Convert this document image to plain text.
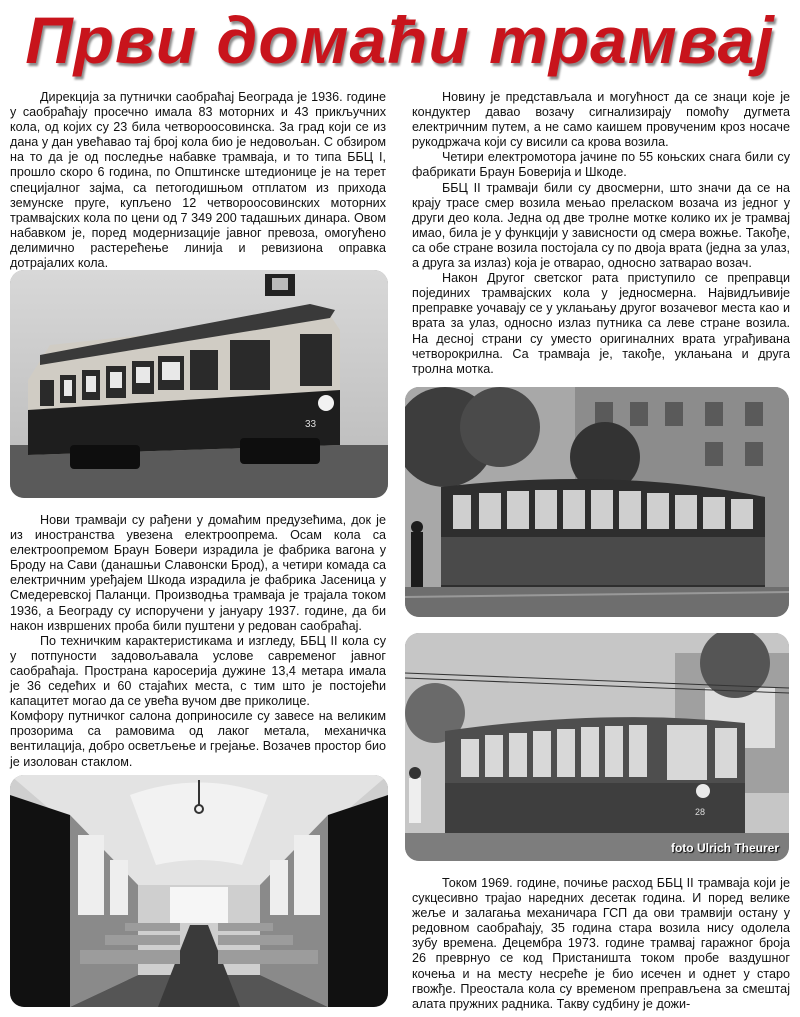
Први домаћи трамвај

Дирекција за путнички саобраћај Београда је 1936. године у саобраћају просечно имала 83 моторних и 43 прикључних кола, од којих су 23 била четвороосовинска. За град који се из дана у дан увећавао тај број кола био је недовољан. С обзиром на то да је од последње набавке трамваја, и то типа ББЦ I, прошло скоро 6 година, по Општинске штедионице је на терет специјалног зајма, са петогодишњом отплатом из прихода земунске пруге, купљено 12 четвороосовинских моторних трамвајских кола по цени од 7 349 200 тадашњих динара. Овом набавком је, поред модернизације јавног превоза, омогућено делимично растерећење линија и ревизиона оправка дотрајалих кола.

33

Нови трамваји су рађени у домаћим предузећима, док је из иностранства увезена електроопрема. Осам кола са електроопремом Браун Бовери израдила је фабрика вагона у Броду на Сави (данашњи Славонски Брод), а четири комада са електричним уређајем Шкода израдила је фабрика Јасеница у Смедеревској Паланци. Производња трамваја је трајала током 1936, а Београду су испоручени у јануару 1937. године, да би након извршених проба били пуштени у редован саобраћај.

По техничким карактеристикама и изгледу, ББЦ II кола су у потпуности задовољавала услове савременог јавног саобраћаја. Пространа каросерија дужине 13,4 метара имала је 36 седећих и 60 стајаћих места, с тим што је постојећи капацитет могао да се увећа вучом две приколице.

Комфору путничког салона доприносиле су завесе на великим прозорима са рамовима од лаког метала, механичка вентилација, добро осветљење и грејање. Возачев простор био је изолован стаклом.

Новину је представљала и могућност да се знаци које је кондуктер давао возачу сигнализирају помоћу дугмета електричним путем, а не само каишем провученим кроз носаче рукодржача који су висили са крова возила.

Четири електромотора јачине по 55 коњских снага били су фабрикати Браун Боверија и Шкоде.

ББЦ II трамваји били су двосмерни, што значи да се на крају трасе смер возила мењао преласком возача из једног у други део кола. Једна од две тролне мотке колико их је трамвај имао, била је у функцији у зависности од смера вожње. Такође, са обе стране возила постојала су по двоја врата (једна за улаз, а друга за излаз) која је отварао, односно затварао возач.

Након Другог светског рата приступило се преправци појединих трамвајских кола у једносмерна. Највидљивије преправке уочавају се у уклањању другог возачевог места као и врата за улаз, односно излаз путника са леве стране возила. На десној страни су уместо оригиналних врата уграђивана четворокрилна. Са трамваја је, такође, уклањана и друга тролна мотка.

28
foto Ulrich Theurer

Током 1969. године, почиње расход ББЦ II трамваја који је сукцесивно трајао наредних десетак година. И поред велике жеље и залагања механичара ГСП да ови трамвији остану у редовном саобраћају, 35 година стара возила нису одолела зубу времена. Децембра 1973. године трамвај гаражног броја 26 преврнуо се код Пристаништа током пробе ваздушног кочења и на месту несреће је био исечен и однет у старо гвожђе. Преостала кола су временом преправљена за смештај алата пружних радника. Такву судбину је дожи-
